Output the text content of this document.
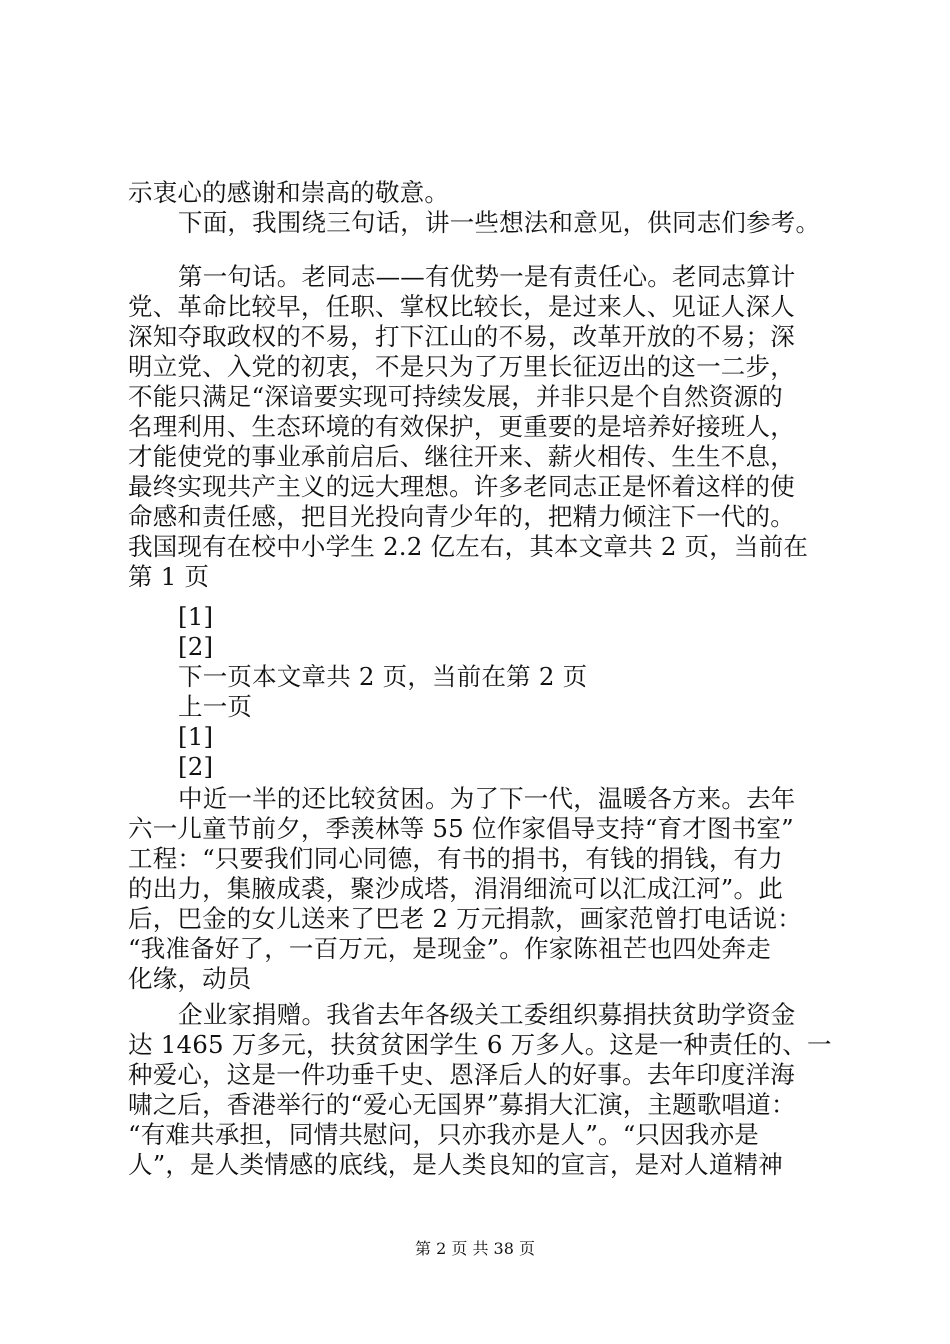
示衷心的感谢和崇高的敬意。
下面，我围绕三句话，讲一些想法和意见，供同志们参考。
第一句话。老同志——有优势一是有责任心。老同志算计
党、革命比较早，任职、掌权比较长，是过来人、见证人深人
深知夺取政权的不易，打下江山的不易，改革开放的不易；深
明立党、入党的初衷，不是只为了万里长征迈出的这一二步，
不能只满足“深谙要实现可持续发展，并非只是个自然资源的
名理利用、生态环境的有效保护，更重要的是培养好接班人，
才能使党的事业承前启后、继往开来、薪火相传、生生不息，
最终实现共产主义的远大理想。许多老同志正是怀着这样的使
命感和责任感，把目光投向青少年的，把精力倾注下一代的。
我国现有在校中小学生 2.2 亿左右，其本文章共 2 页，当前在
第 1 页
[1]
[2]
下一页本文章共 2 页，当前在第 2 页
上一页
[1]
[2]
中近一半的还比较贫困。为了下一代，温暖各方来。去年
六一儿童节前夕，季羡林等 55 位作家倡导支持“育才图书室”
工程：“只要我们同心同德，有书的捐书，有钱的捐钱，有力
的出力，集腋成裘，聚沙成塔，涓涓细流可以汇成江河”。此
后，巴金的女儿送来了巴老 2 万元捐款，画家范曾打电话说：
“我准备好了，一百万元，是现金”。作家陈祖芒也四处奔走
化缘，动员
企业家捐赠。我省去年各级关工委组织募捐扶贫助学资金
达 1465 万多元，扶贫贫困学生 6 万多人。这是一种责任的、一
种爱心，这是一件功垂千史、恩泽后人的好事。去年印度洋海
啸之后，香港举行的“爱心无国界”募捐大汇演，主题歌唱道：
“有难共承担，同情共慰问，只亦我亦是人”。“只因我亦是
人”，是人类情感的底线，是人类良知的宣言，是对人道精神
第 2 页 共 38 页
